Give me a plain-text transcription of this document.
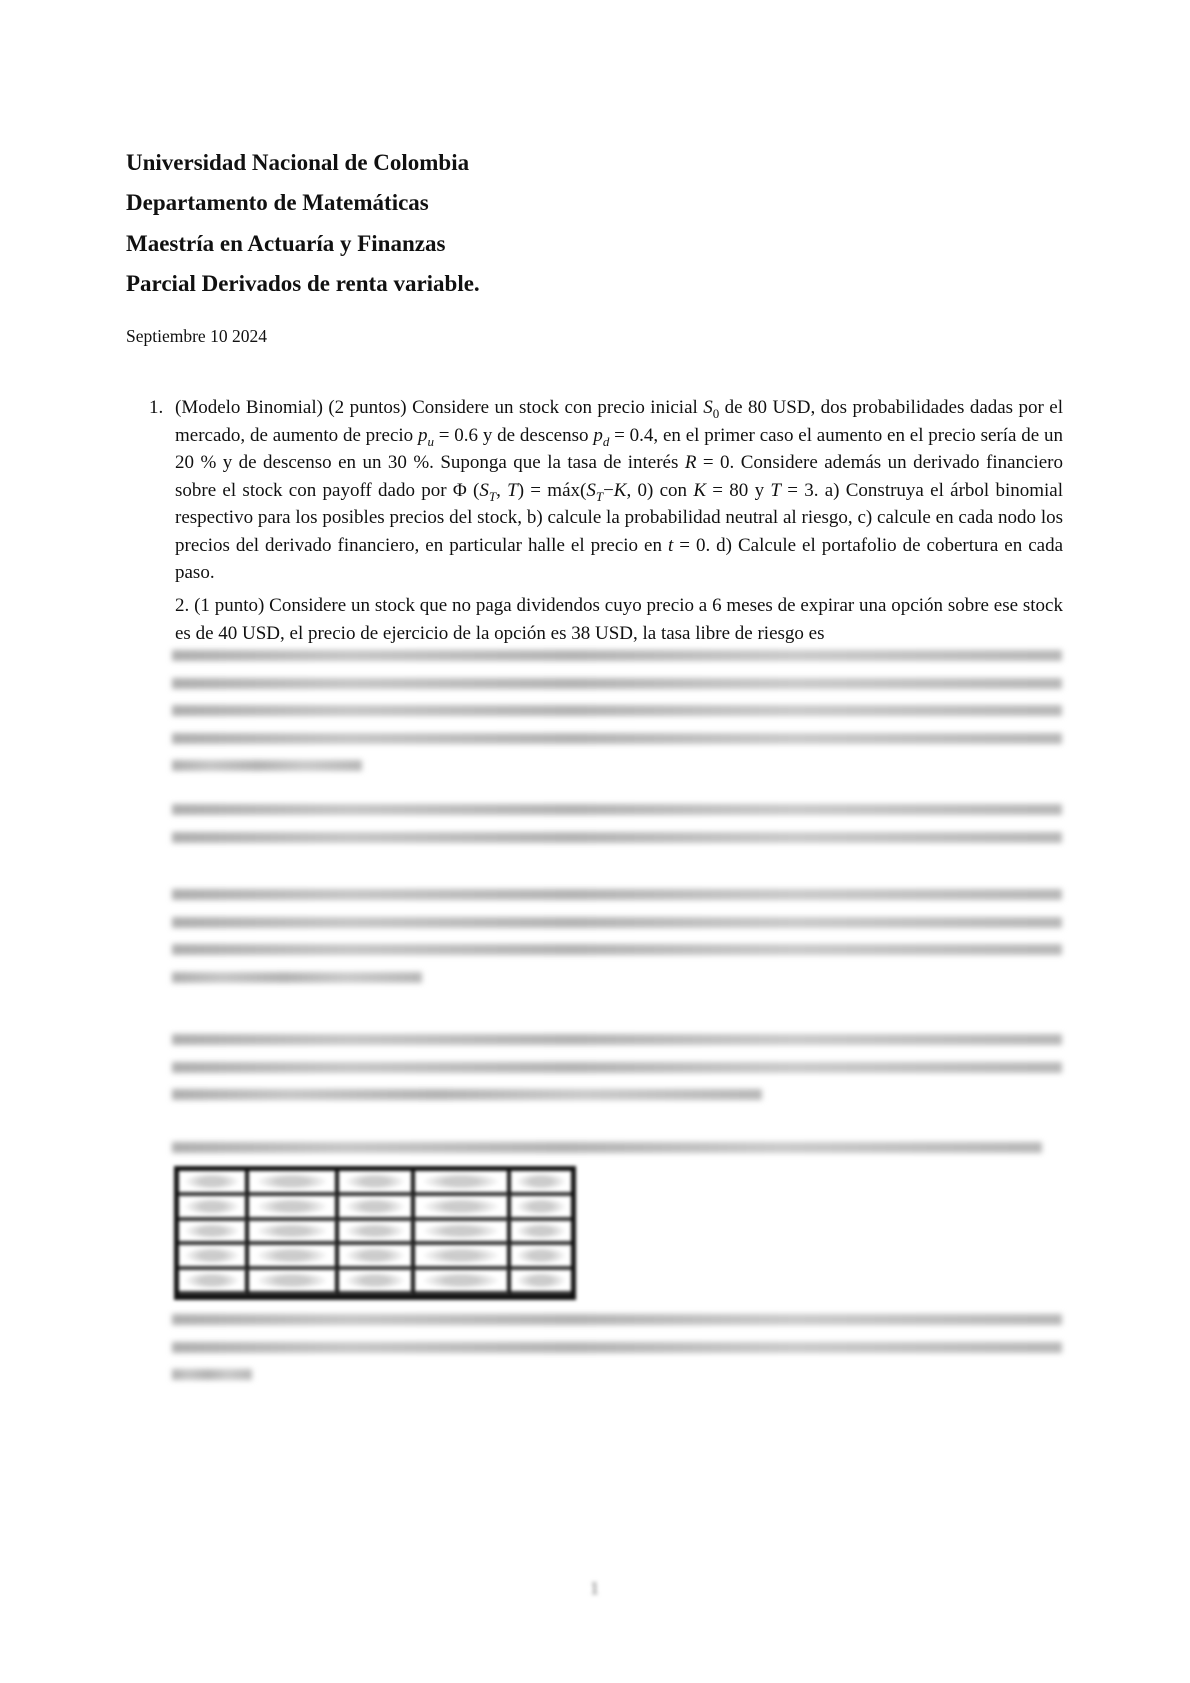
Universidad Nacional de Colombia
Departamento de Matemáticas
Maestría en Actuaría y Finanzas
Parcial Derivados de renta variable.
Septiembre 10 2024
1. (Modelo Binomial) (2 puntos) Considere un stock con precio inicial $S_0$ de 80 USD, dos probabilidades dadas por el mercado, de aumento de precio $p_u = 0.6$ y de descenso $p_d = 0.4$, en el primer caso el aumento en el precio sería de un 20 % y de descenso en un 30 %. Suponga que la tasa de interés R = 0. Considere además un derivado financiero sobre el stock con payoff dado por Φ ($S_T$, $T) = máx(S_T-K$, 0) con K = 80 y T = 3. a) Construya el árbol binomial respectivo para los posibles precios del stock, b) calcule la probabilidad neutral al riesgo, c) calcule en cada nodo los precios del derivado financiero, en particular halle el precio en t = 0. d) Calcule el portafolio de cobertura en cada paso.
2. (1 punto) Considere un stock que no paga dividendos cuyo precio a 6 meses de expirar una opción sobre ese stock es de 40 USD, el precio de ejercicio de la opción es 38 USD, la tasa libre de riesgo es
1
